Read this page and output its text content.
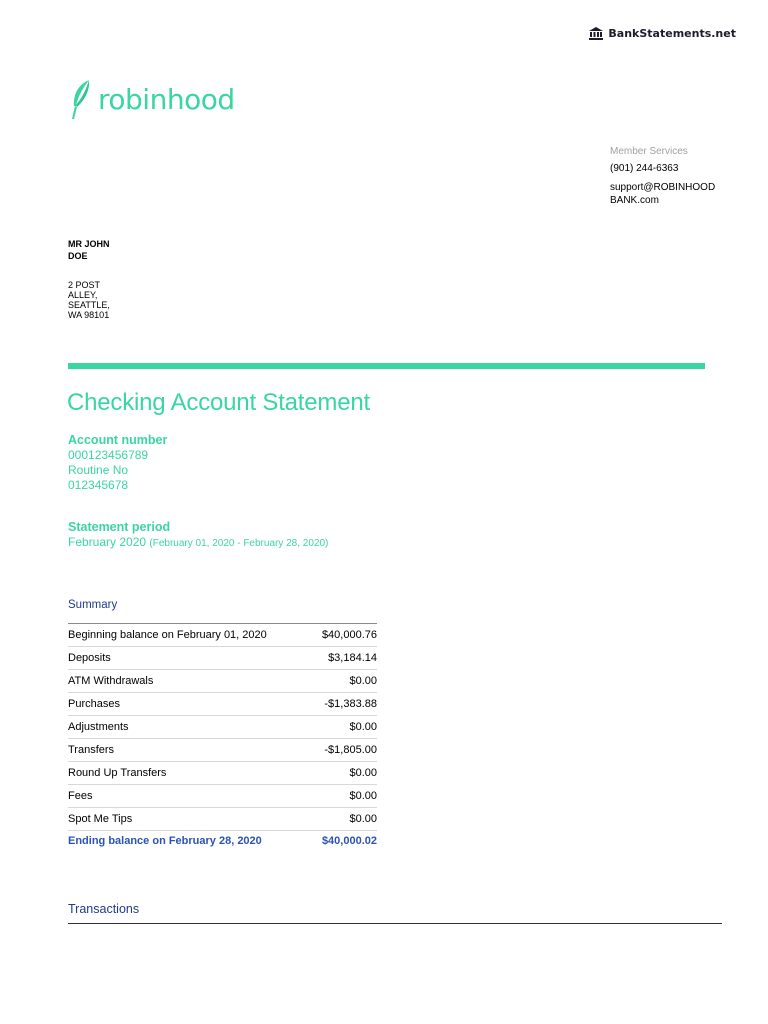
BankStatements.net
robinhood
Member Services
(901) 244-6363
support@ROBINHOOD BANK.com
MR JOHN DOE
2 POST ALLEY, SEATTLE, WA 98101
Checking Account Statement
Account number
000123456789
Routine No
012345678
Statement period
February 2020 (February 01, 2020 - February 28, 2020)
Summary
Beginning balance on February 01, 2020	$40,000.76
Deposits	$3,184.14
ATM Withdrawals	$0.00
Purchases	-$1,383.88
Adjustments	$0.00
Transfers	-$1,805.00
Round Up Transfers	$0.00
Fees	$0.00
Spot Me Tips	$0.00
Ending balance on February 28, 2020	$40,000.02
Transactions
